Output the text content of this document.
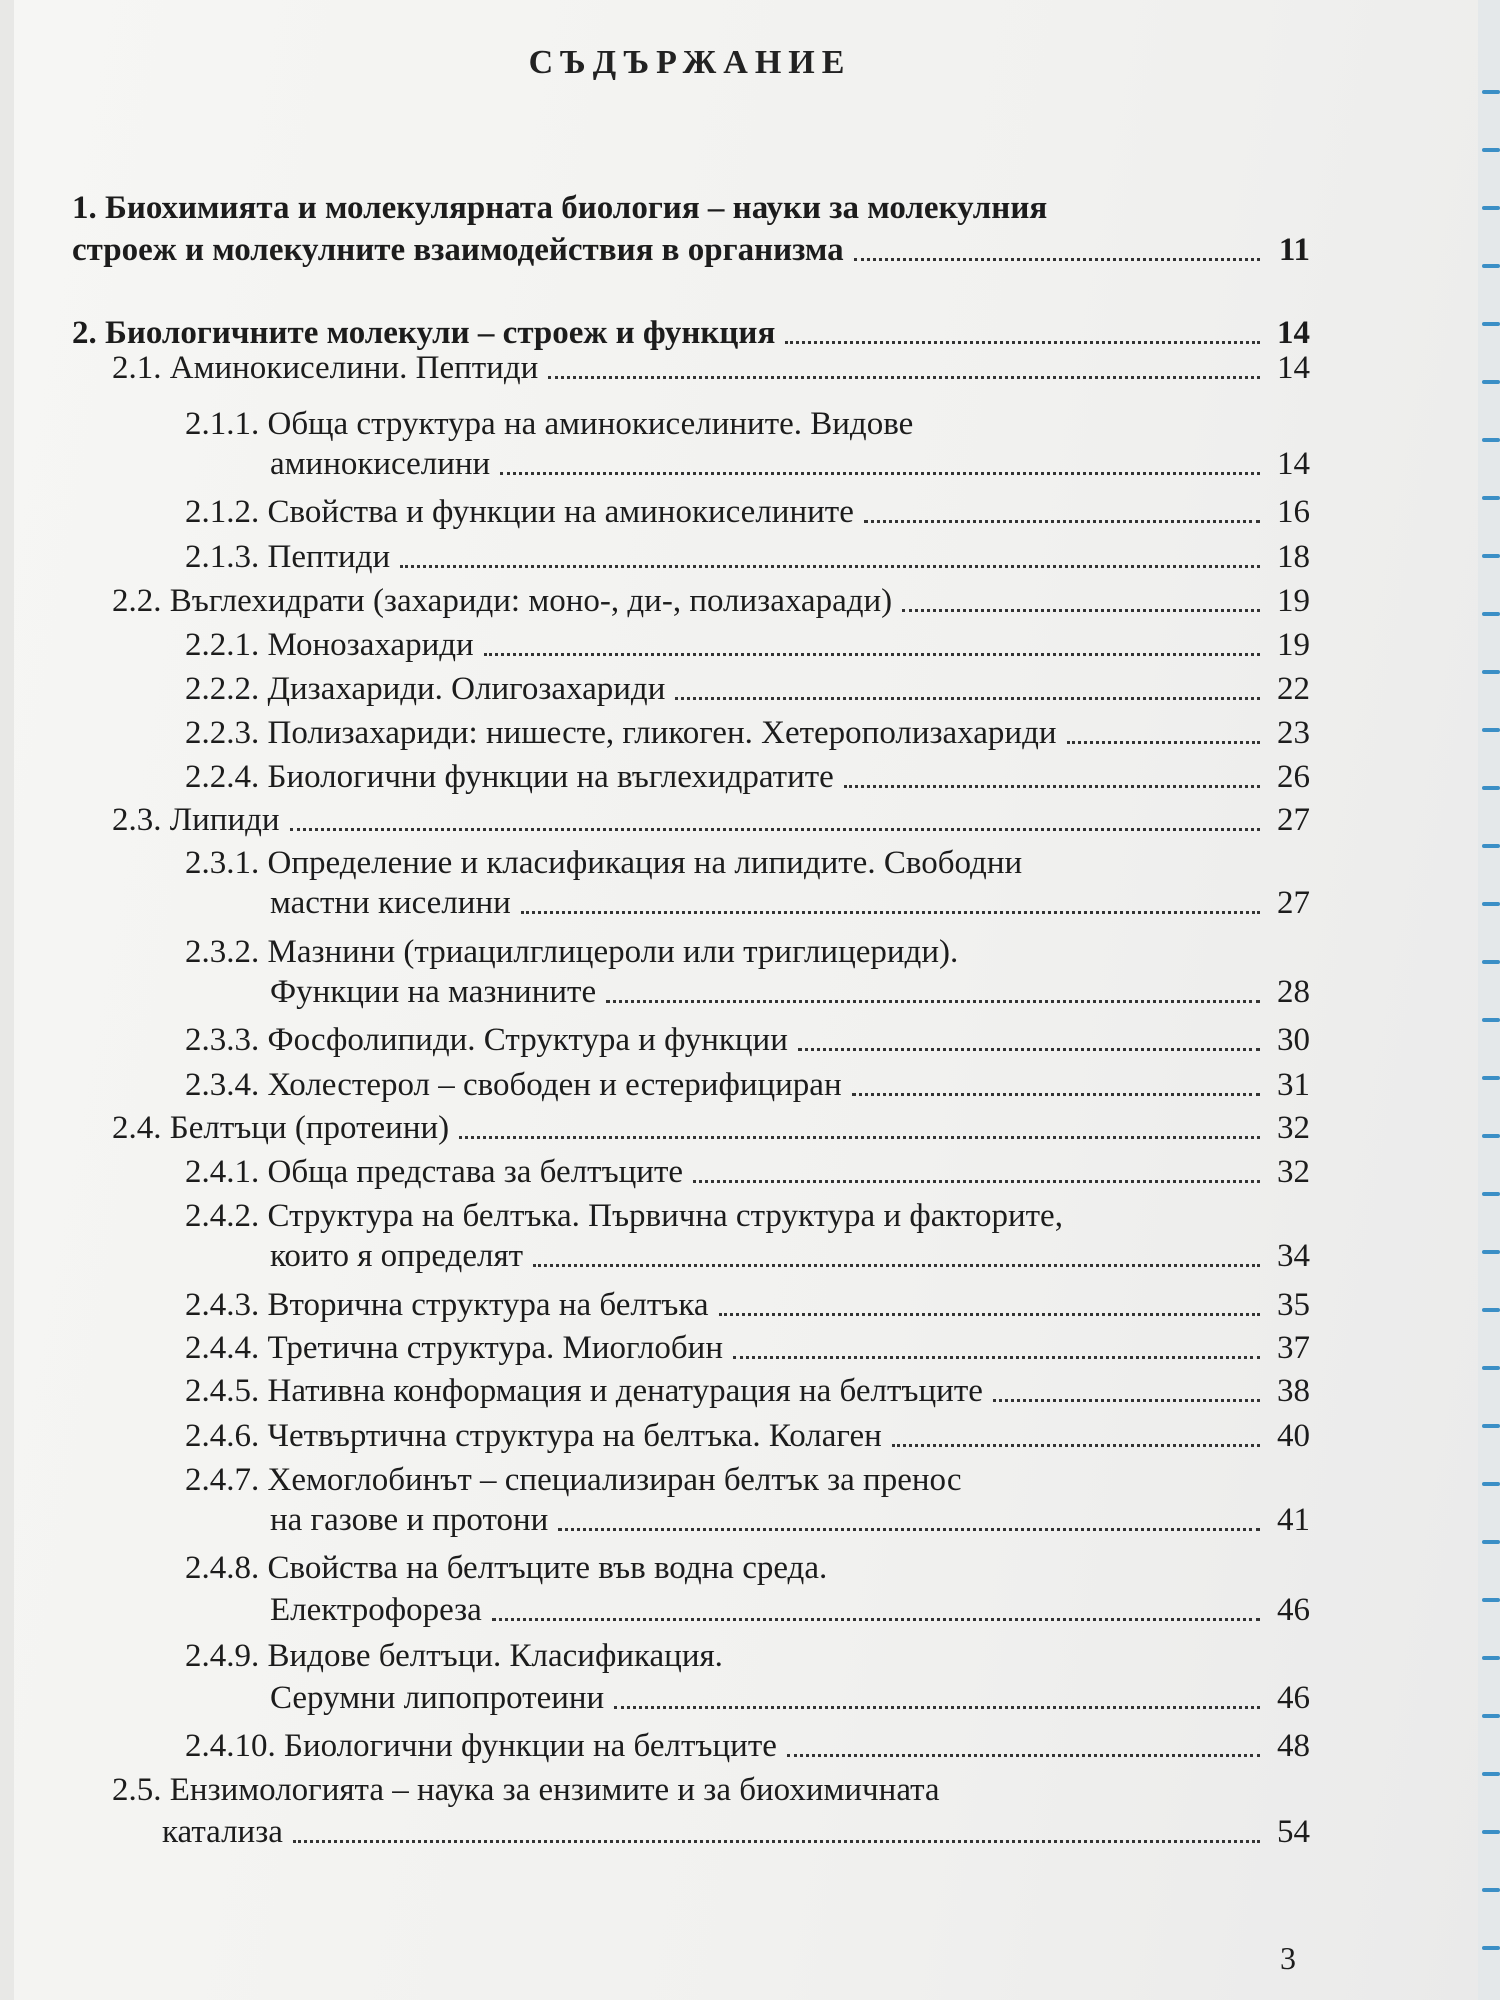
СЪДЪРЖАНИЕ
1. Биохимията и молекулярната биология – науки за молекулния
строеж и молекулните взаимодействия в организма	11
2. Биологичните молекули – строеж и функция	14
2.1. Аминокиселини. Пептиди	14
2.1.1. Обща структура на аминокиселините. Видове
аминокиселини	14
2.1.2. Свойства и функции на аминокиселините	16
2.1.3. Пептиди	18
2.2. Въглехидрати (захариди: моно-, ди-, полизахаради)	19
2.2.1. Монозахариди	19
2.2.2. Дизахариди. Олигозахариди	22
2.2.3. Полизахариди: нишесте, гликоген. Хетерополизахариди	23
2.2.4. Биологични функции на въглехидратите	26
2.3. Липиди	27
2.3.1. Определение и класификация на липидите. Свободни
мастни киселини	27
2.3.2. Мазнини (триацилглицероли или триглицериди).
Функции на мазнините	28
2.3.3. Фосфолипиди. Структура и функции	30
2.3.4. Холестерол – свободен и естерифициран	31
2.4. Белтъци (протеини)	32
2.4.1. Обща представа за белтъците	32
2.4.2. Структура на белтъка. Първична структура и факторите,
които я определят	34
2.4.3. Вторична структура на белтъка	35
2.4.4. Третична структура. Миоглобин	37
2.4.5. Нативна конформация и денатурация на белтъците	38
2.4.6. Четвъртична структура на белтъка. Колаген	40
2.4.7. Хемоглобинът – специализиран белтък за пренос
на газове и протони	41
2.4.8. Свойства на белтъците във водна среда.
Електрофореза	46
2.4.9. Видове белтъци. Класификация.
Серумни липопротеини	46
2.4.10. Биологични функции на белтъците	48
2.5. Ензимологията – наука за ензимите и за биохимичната
катализа	54
3
